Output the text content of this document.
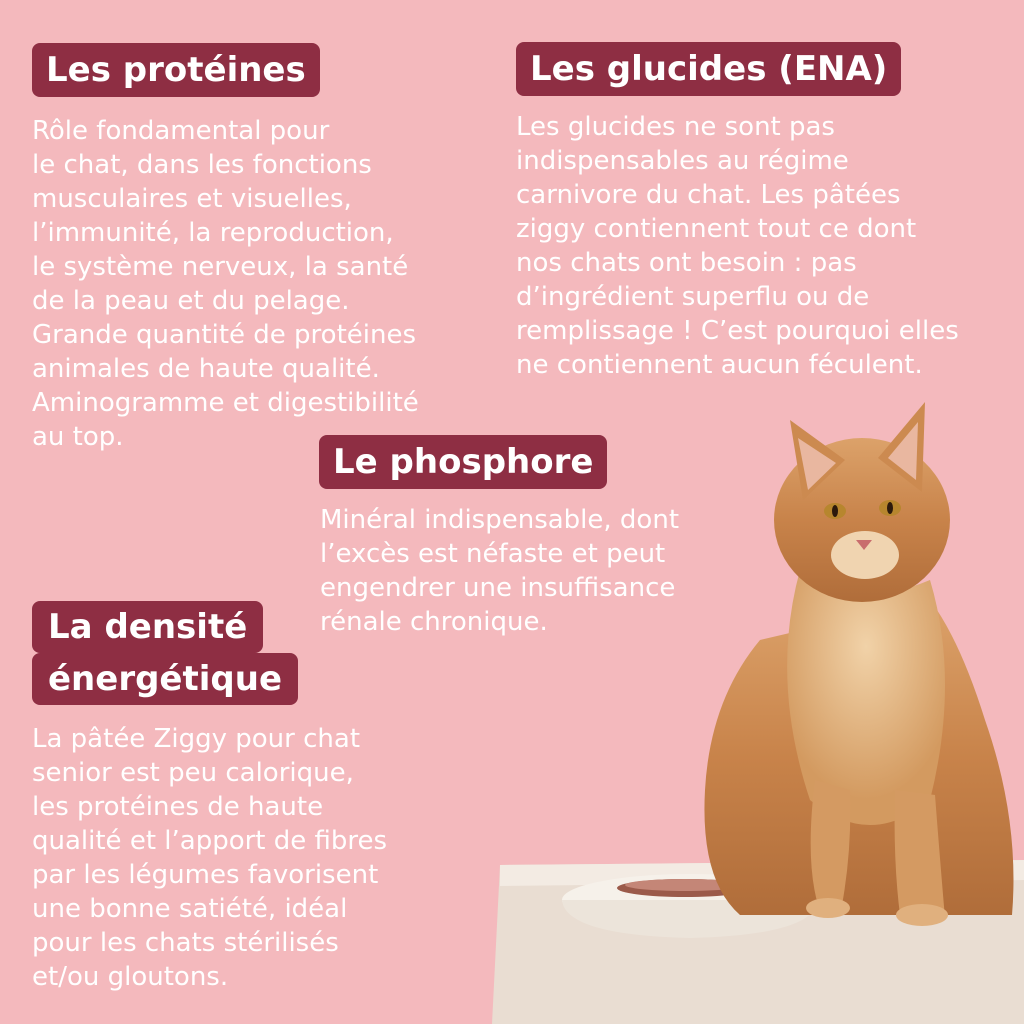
Les protéines

Rôle fondamental pour
le chat, dans les fonctions
musculaires et visuelles,
l’immunité, la reproduction,
le système nerveux, la santé
de la peau et du pelage.
Grande quantité de protéines
animales de haute qualité.
Aminogramme et digestibilité
au top.

Les glucides (ENA)

Les glucides ne sont pas
indispensables au régime
carnivore du chat. Les pâtées
ziggy contiennent tout ce dont
nos chats ont besoin : pas
d’ingrédient superflu ou de
remplissage ! C’est pourquoi elles
ne contiennent aucun féculent.

Le phosphore

Minéral indispensable, dont
l’excès est néfaste et peut
engendrer une insuffisance
rénale chronique.

La densité
énergétique

La pâtée Ziggy pour chat
senior est peu calorique,
les protéines de haute
qualité et l’apport de fibres
par les légumes favorisent
une bonne satiété, idéal
pour les chats stérilisés
et/ou gloutons.
